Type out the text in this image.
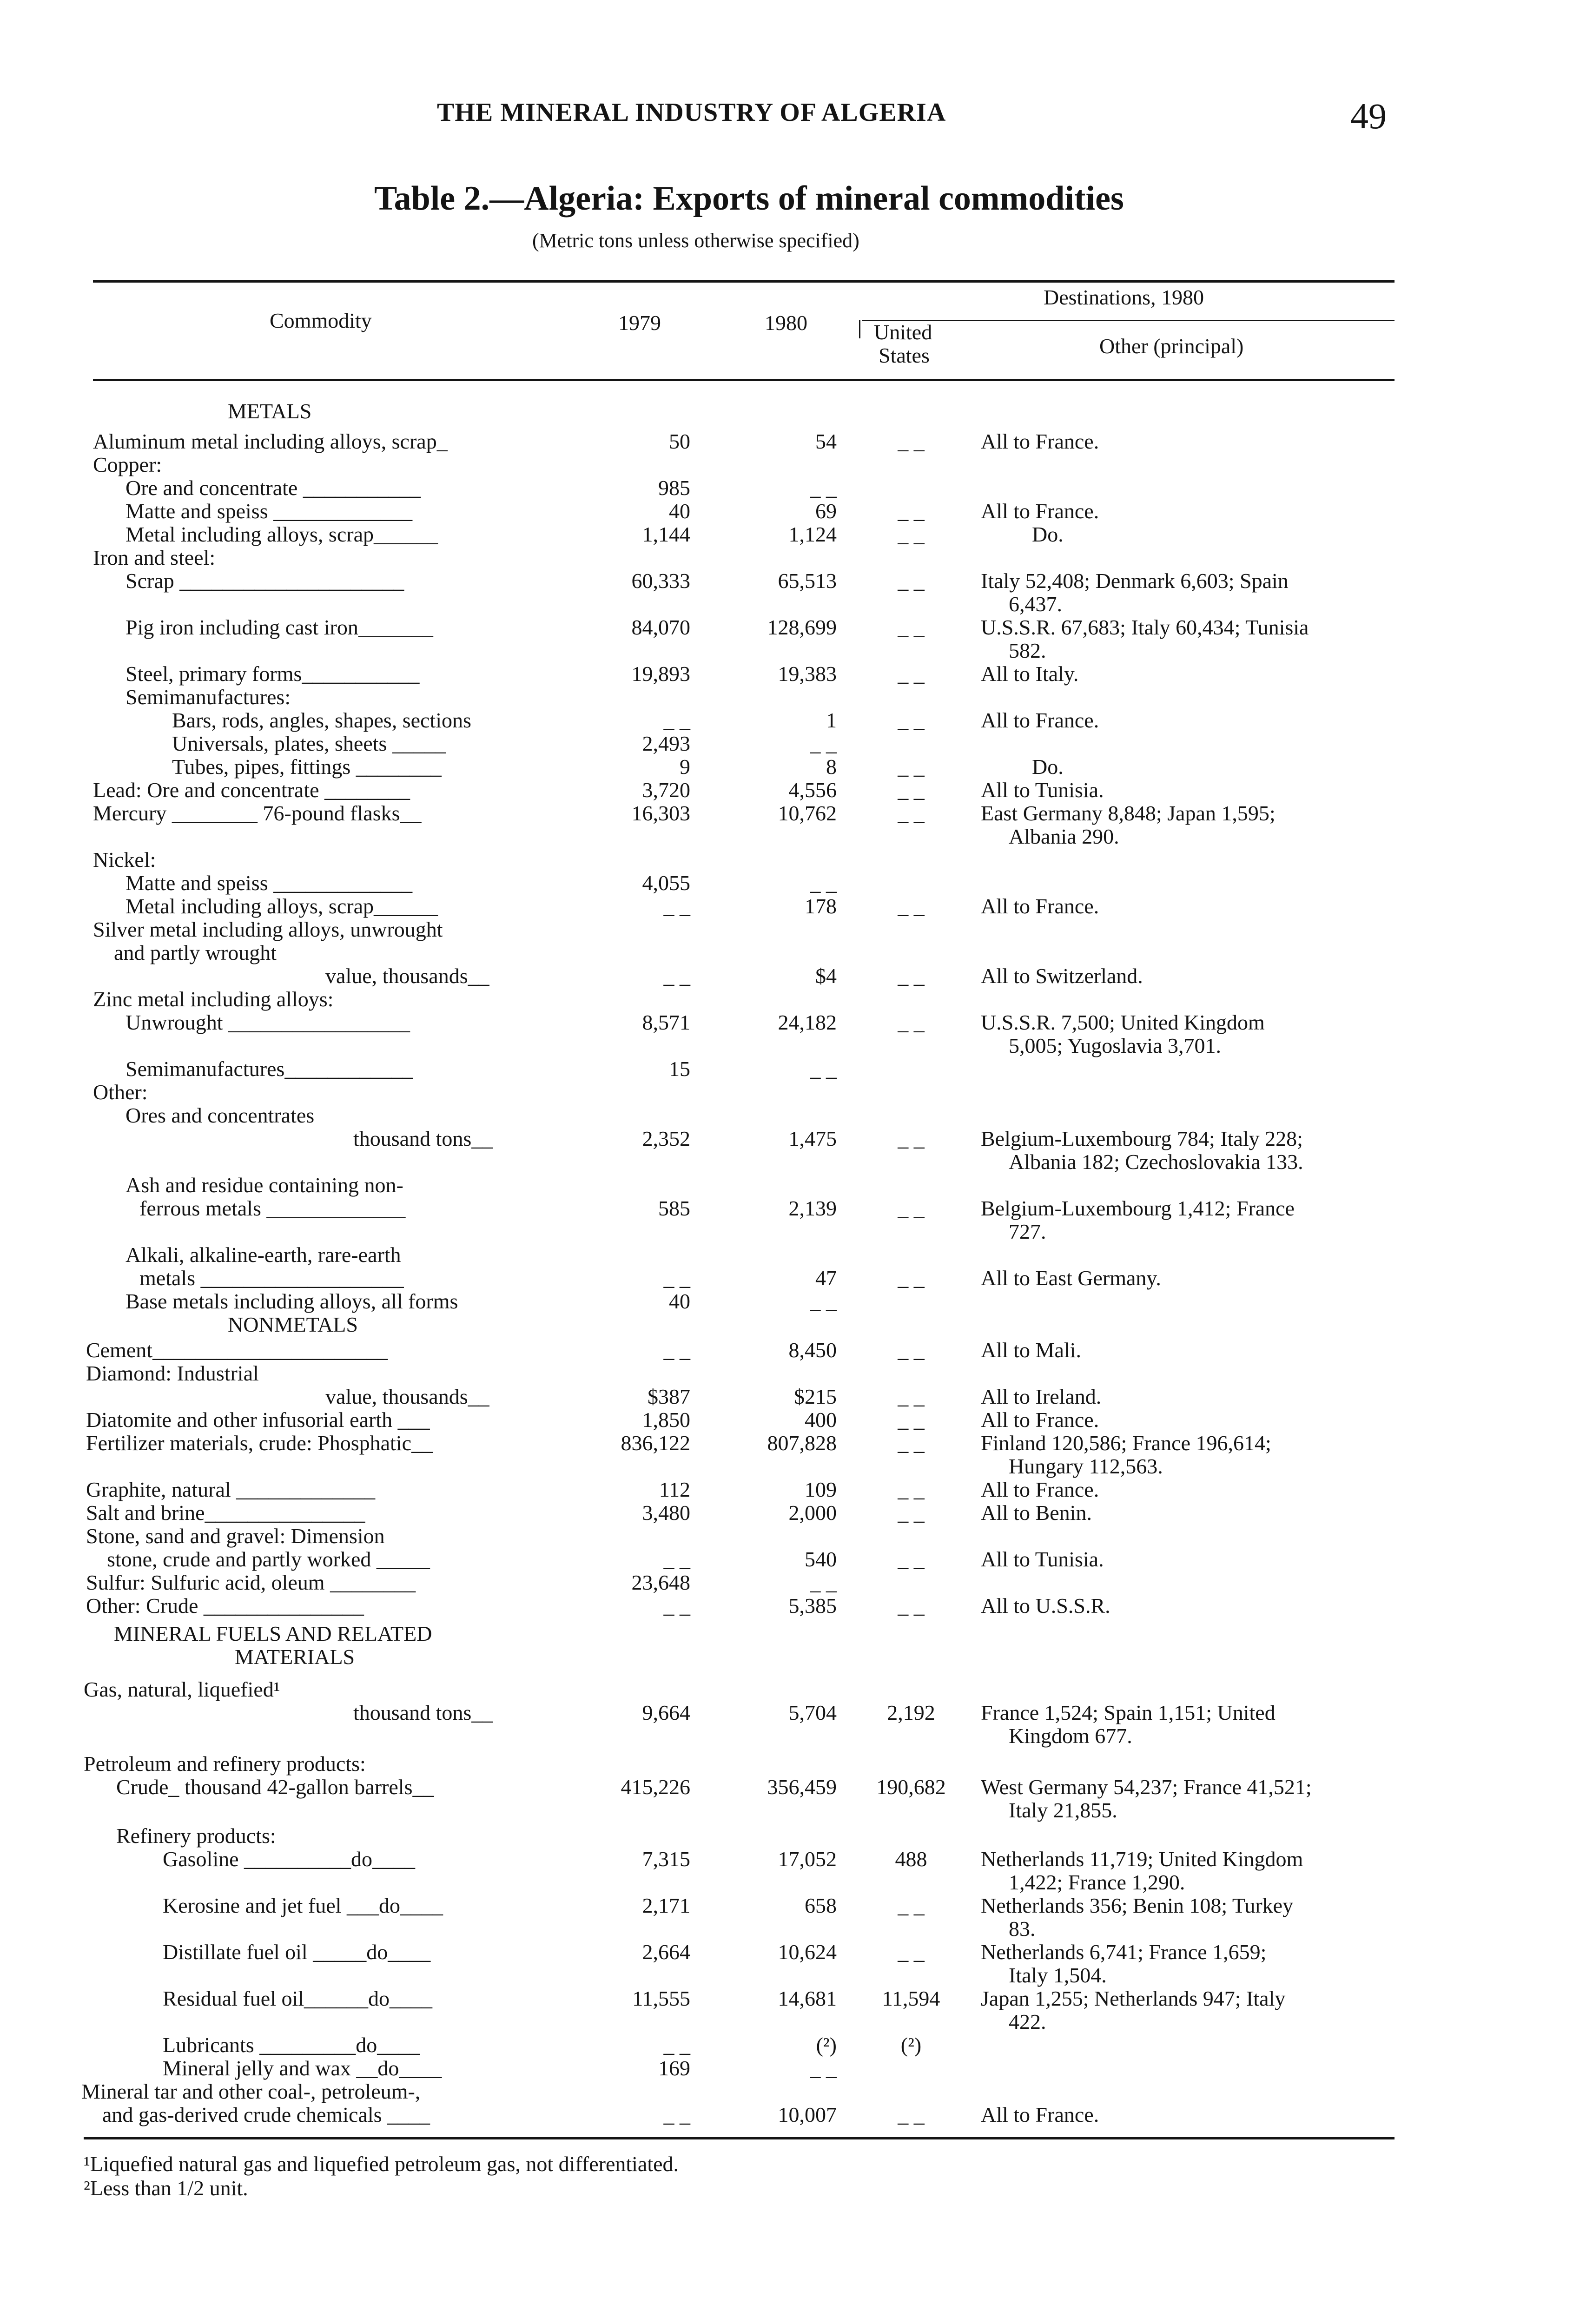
THE MINERAL INDUSTRY OF ALGERIA	49
Table 2.—Algeria: Exports of mineral commodities
(Metric tons unless otherwise specified)
Commodity	1979	1980
Destinations, 1980
United
States	Other (principal)
METALS
Aluminum metal including alloys, scrap_	50	54	_ _	All to France.
Copper:
Ore and concentrate ___________	985	_ _
Matte and speiss _____________	40	69	_ _	All to France.
Metal including alloys, scrap______	1,144	1,124	_ _	Do.
Iron and steel:
Scrap _____________________	60,333	65,513	_ _	Italy 52,408; Denmark 6,603; Spain
6,437.
Pig iron including cast iron_______	84,070	128,699	_ _	U.S.S.R. 67,683; Italy 60,434; Tunisia
582.
Steel, primary forms___________	19,893	19,383	_ _	All to Italy.
Semimanufactures:
Bars, rods, angles, shapes, sections	_ _	1	_ _	All to France.
Universals, plates, sheets _____	2,493	_ _
Tubes, pipes, fittings ________	9	8	_ _	Do.
Lead: Ore and concentrate ________	3,720	4,556	_ _	All to Tunisia.
Mercury ________ 76-pound flasks__	16,303	10,762	_ _	East Germany 8,848; Japan 1,595;
Albania 290.
Nickel:
Matte and speiss _____________	4,055	_ _
Metal including alloys, scrap______	_ _	178	_ _	All to France.
Silver metal including alloys, unwrought
and partly wrought
value, thousands__	_ _	$4	_ _	All to Switzerland.
Zinc metal including alloys:
Unwrought _________________	8,571	24,182	_ _	U.S.S.R. 7,500; United Kingdom
5,005; Yugoslavia 3,701.
Semimanufactures____________	15	_ _
Other:
Ores and concentrates
thousand tons__	2,352	1,475	_ _	Belgium-Luxembourg 784; Italy 228;
Albania 182; Czechoslovakia 133.
Ash and residue containing non-
ferrous metals _____________	585	2,139	_ _	Belgium-Luxembourg 1,412; France
727.
Alkali, alkaline-earth, rare-earth
metals ___________________	_ _	47	_ _	All to East Germany.
Base metals including alloys, all forms	40	_ _
NONMETALS
Cement______________________	_ _	8,450	_ _	All to Mali.
Diamond: Industrial
value, thousands__	$387	$215	_ _	All to Ireland.
Diatomite and other infusorial earth ___	1,850	400	_ _	All to France.
Fertilizer materials, crude: Phosphatic__	836,122	807,828	_ _	Finland 120,586; France 196,614;
Hungary 112,563.
Graphite, natural _____________	112	109	_ _	All to France.
Salt and brine_______________	3,480	2,000	_ _	All to Benin.
Stone, sand and gravel: Dimension
stone, crude and partly worked _____	_ _	540	_ _	All to Tunisia.
Sulfur: Sulfuric acid, oleum ________	23,648	_ _
Other: Crude _______________	_ _	5,385	_ _	All to U.S.S.R.
MINERAL FUELS AND RELATED
MATERIALS
Gas, natural, liquefied¹
thousand tons__	9,664	5,704	2,192	France 1,524; Spain 1,151; United
Kingdom 677.
Petroleum and refinery products:
Crude_ thousand 42-gallon barrels__	415,226	356,459	190,682	West Germany 54,237; France 41,521;
Italy 21,855.
Refinery products:
Gasoline __________do____	7,315	17,052	488	Netherlands 11,719; United Kingdom
1,422; France 1,290.
Kerosine and jet fuel ___do____	2,171	658	_ _	Netherlands 356; Benin 108; Turkey
83.
Distillate fuel oil _____do____	2,664	10,624	_ _	Netherlands 6,741; France 1,659;
Italy 1,504.
Residual fuel oil______do____	11,555	14,681	11,594	Japan 1,255; Netherlands 947; Italy
422.
Lubricants _________do____	_ _	(²)	(²)
Mineral jelly and wax __do____	169	_ _
Mineral tar and other coal-, petroleum-,
and gas-derived crude chemicals ____	_ _	10,007	_ _	All to France.
¹Liquefied natural gas and liquefied petroleum gas, not differentiated.
²Less than 1/2 unit.
